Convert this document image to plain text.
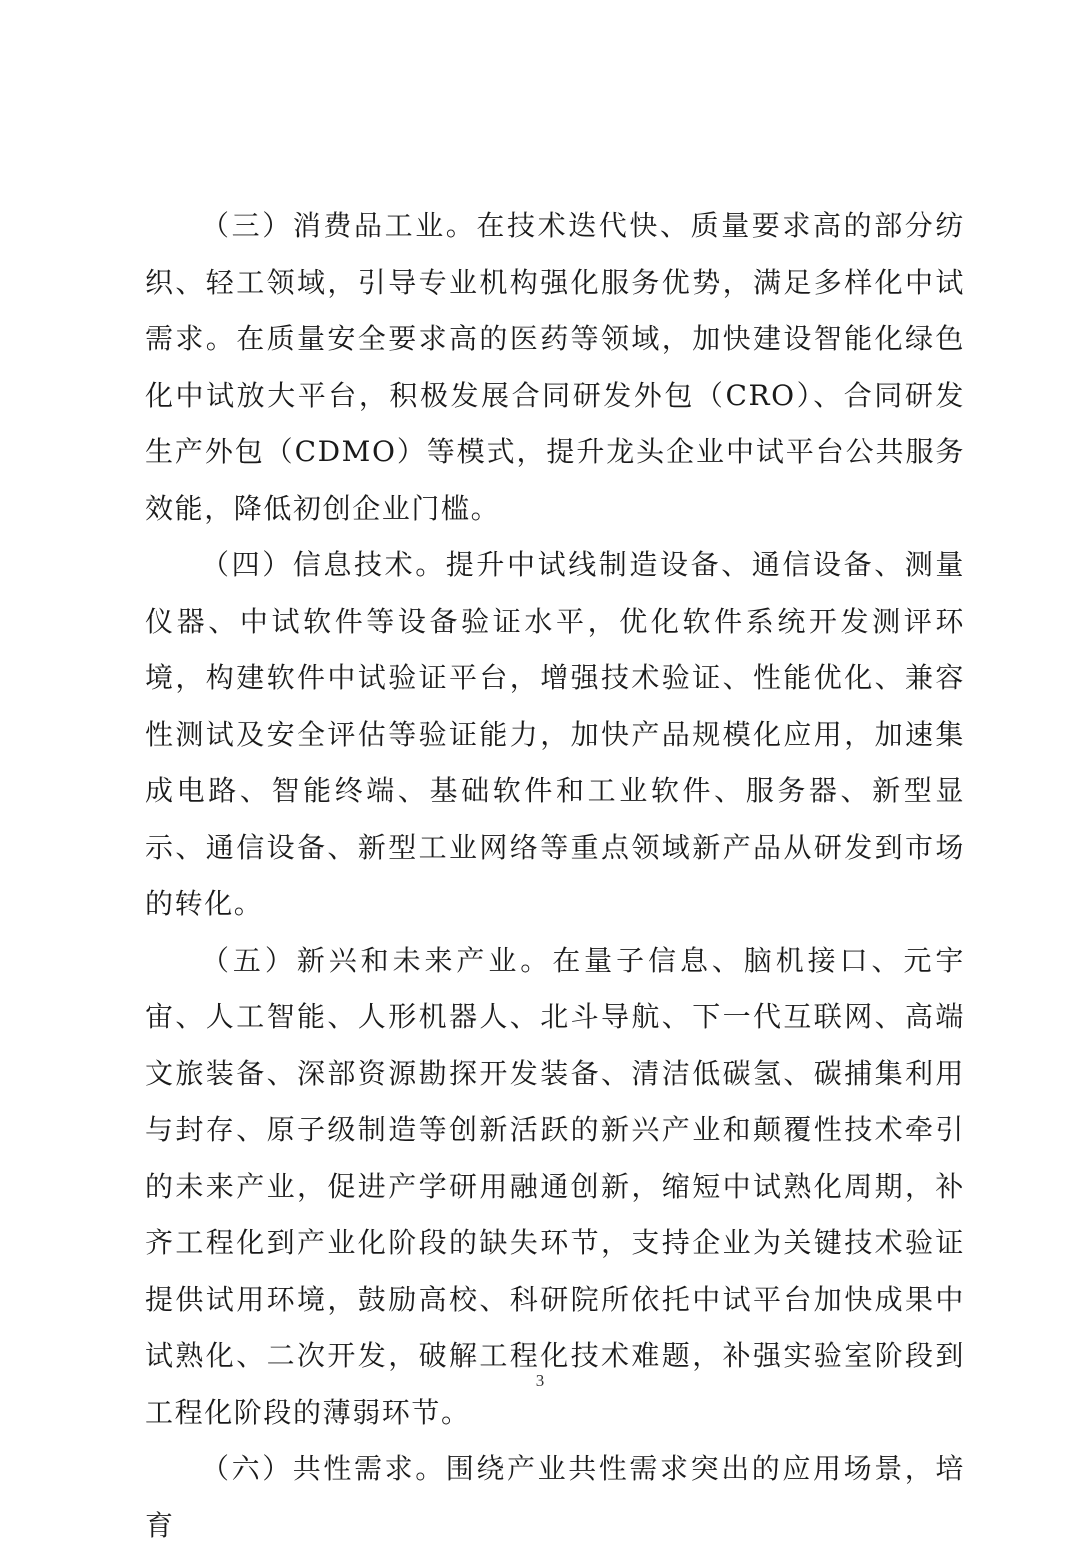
（三）消费品工业。在技术迭代快、质量要求高的部分纺织、轻工领域，引导专业机构强化服务优势，满足多样化中试需求。在质量安全要求高的医药等领域，加快建设智能化绿色化中试放大平台，积极发展合同研发外包（CRO）、合同研发生产外包（CDMO）等模式，提升龙头企业中试平台公共服务效能，降低初创企业门槛。

（四）信息技术。提升中试线制造设备、通信设备、测量仪器、中试软件等设备验证水平，优化软件系统开发测评环境，构建软件中试验证平台，增强技术验证、性能优化、兼容性测试及安全评估等验证能力，加快产品规模化应用，加速集成电路、智能终端、基础软件和工业软件、服务器、新型显示、通信设备、新型工业网络等重点领域新产品从研发到市场的转化。

（五）新兴和未来产业。在量子信息、脑机接口、元宇宙、人工智能、人形机器人、北斗导航、下一代互联网、高端文旅装备、深部资源勘探开发装备、清洁低碳氢、碳捕集利用与封存、原子级制造等创新活跃的新兴产业和颠覆性技术牵引的未来产业，促进产学研用融通创新，缩短中试熟化周期，补齐工程化到产业化阶段的缺失环节，支持企业为关键技术验证提供试用环境，鼓励高校、科研院所依托中试平台加快成果中试熟化、二次开发，破解工程化技术难题，补强实验室阶段到工程化阶段的薄弱环节。

（六）共性需求。围绕产业共性需求突出的应用场景，培育

3
